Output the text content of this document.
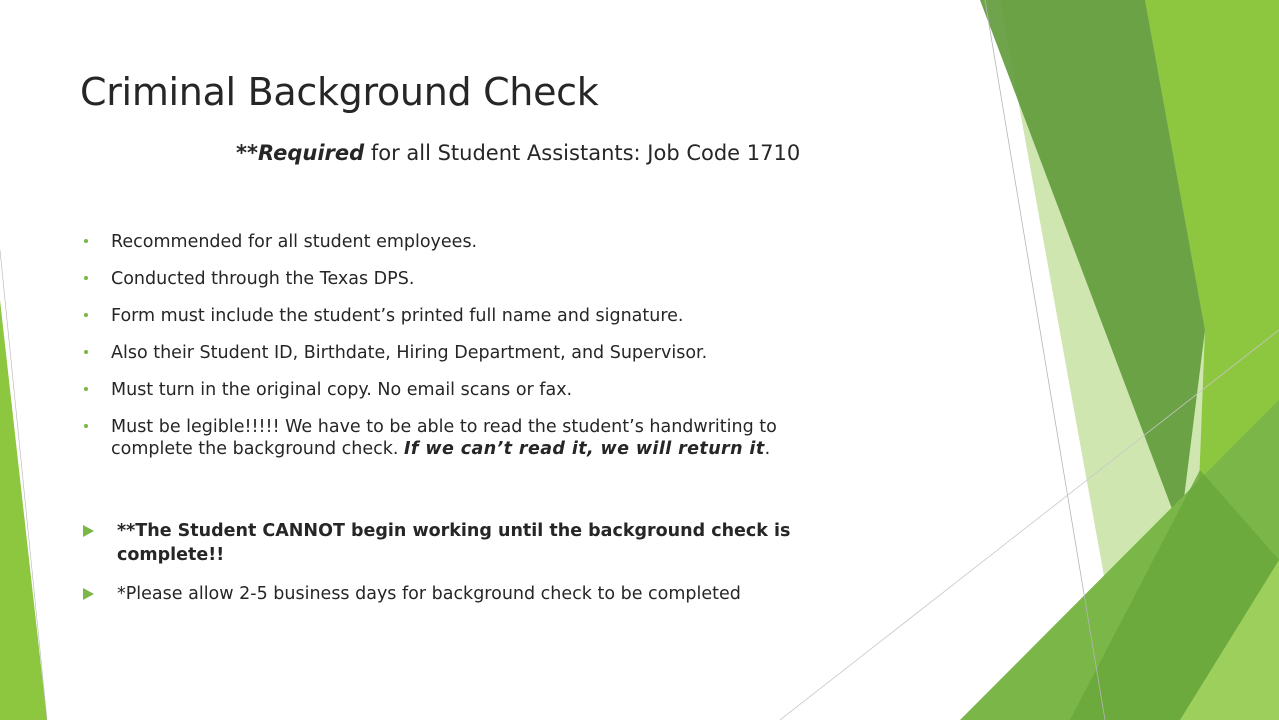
Criminal Background Check
**Required for all Student Assistants: Job Code 1710
Recommended for all student employees.
Conducted through the Texas DPS.
Form must include the student’s printed full name and signature.
Also their Student ID, Birthdate, Hiring Department, and Supervisor.
Must turn in the original copy. No email scans or fax.
Must be legible!!!!! We have to be able to read the student’s handwriting to
complete the background check. If we can’t read it, we will return it.
**The Student CANNOT begin working until the background check is
complete!!
*Please allow 2-5 business days for background check to be completed
